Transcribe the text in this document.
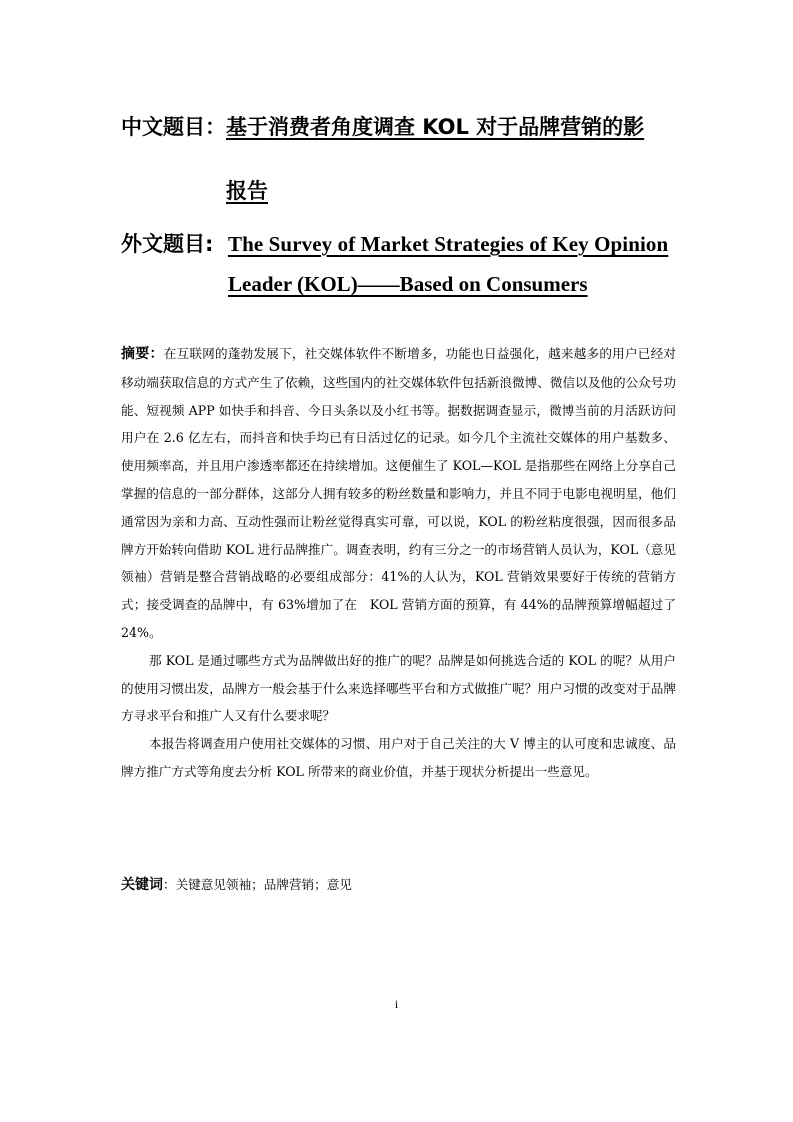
中文题目：基于消费者角度调查 KOL 对于品牌营销的影
报告
外文题目: The Survey of Market Strategies of Key Opinion
Leader (KOL)——Based on Consumers

摘要：在互联网的蓬勃发展下，社交媒体软件不断增多，功能也日益强化，越来越多的用户已经对移动端获取信息的方式产生了依赖，这些国内的社交媒体软件包括新浪微博、微信以及他的公众号功能、短视频 APP 如快手和抖音、今日头条以及小红书等。据数据调查显示，微博当前的月活跃访问用户在 2.6 亿左右，而抖音和快手均已有日活过亿的记录。如今几个主流社交媒体的用户基数多、使用频率高，并且用户渗透率都还在持续增加。这便催生了 KOL—KOL 是指那些在网络上分享自己掌握的信息的一部分群体，这部分人拥有较多的粉丝数量和影响力，并且不同于电影电视明星，他们通常因为亲和力高、互动性强而让粉丝觉得真实可靠，可以说，KOL 的粉丝粘度很强，因而很多品牌方开始转向借助 KOL 进行品牌推广。调查表明，约有三分之一的市场营销人员认为，KOL（意见领袖）营销是整合营销战略的必要组成部分：41%的人认为，KOL 营销效果要好于传统的营销方式；接受调查的品牌中，有 63%增加了在　KOL 营销方面的预算，有 44%的品牌预算增幅超过了 24%。

那 KOL 是通过哪些方式为品牌做出好的推广的呢？品牌是如何挑选合适的 KOL 的呢？从用户的使用习惯出发，品牌方一般会基于什么来选择哪些平台和方式做推广呢？用户习惯的改变对于品牌方寻求平台和推广人又有什么要求呢？

本报告将调查用户使用社交媒体的习惯、用户对于自己关注的大 V 博主的认可度和忠诚度、品牌方推广方式等角度去分析 KOL 所带来的商业价值，并基于现状分析提出一些意见。

关键词：关键意见领袖；品牌营销；意见
i
